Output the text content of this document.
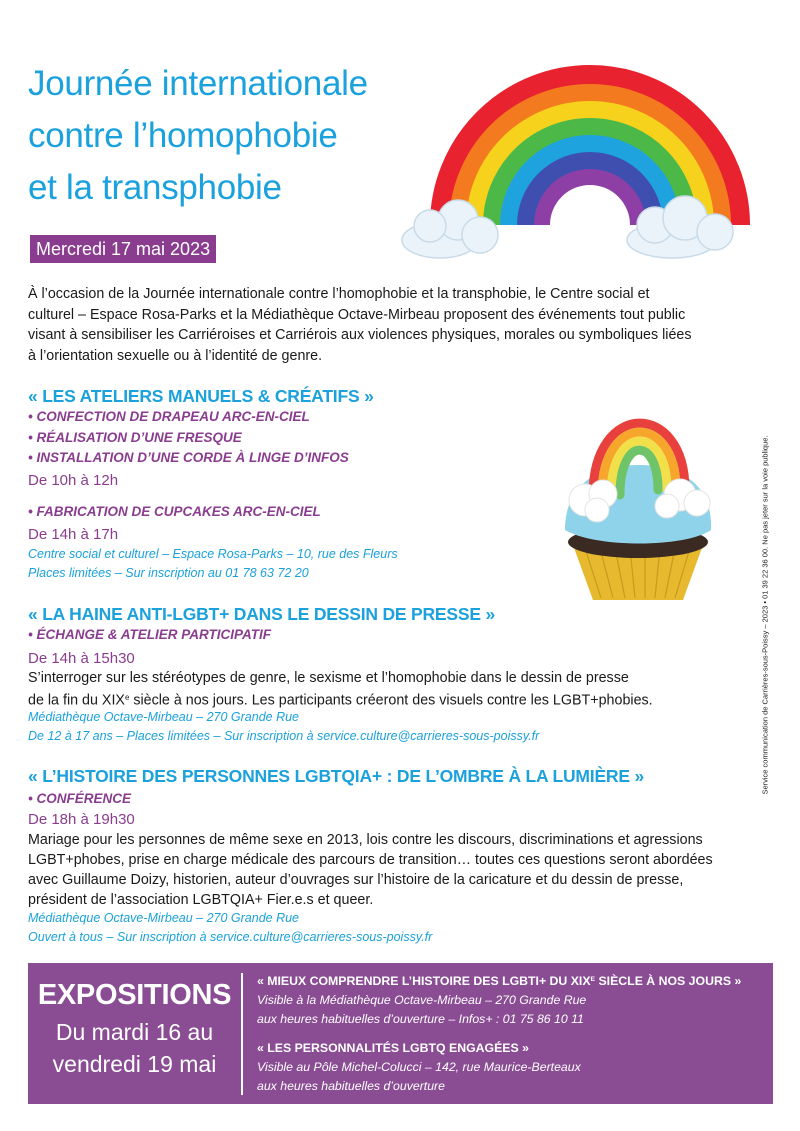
Journée internationale
contre l’homophobie
et la transphobie
Mercredi 17 mai 2023
À l’occasion de la Journée internationale contre l’homophobie et la transphobie, le Centre social et
culturel – Espace Rosa-Parks et la Médiathèque Octave-Mirbeau proposent des événements tout public
visant à sensibiliser les Carriéroises et Carriérois aux violences physiques, morales ou symboliques liées
à l’orientation sexuelle ou à l’identité de genre.
« LES ATELIERS MANUELS & CRÉATIFS »
• CONFECTION DE DRAPEAU ARC-EN-CIEL
• RÉALISATION D’UNE FRESQUE
• INSTALLATION D’UNE CORDE À LINGE D’INFOS
De 10h à 12h
• FABRICATION DE CUPCAKES ARC-EN-CIEL
De 14h à 17h
Centre social et culturel – Espace Rosa-Parks – 10, rue des Fleurs
Places limitées – Sur inscription au 01 78 63 72 20
« LA HAINE ANTI-LGBT+ DANS LE DESSIN DE PRESSE »
• ÉCHANGE & ATELIER PARTICIPATIF
De 14h à 15h30
S’interroger sur les stéréotypes de genre, le sexisme et l’homophobie dans le dessin de presse
de la fin du XIXe siècle à nos jours. Les participants créeront des visuels contre les LGBT+phobies.
Médiathèque Octave-Mirbeau – 270 Grande Rue
De 12 à 17 ans – Places limitées – Sur inscription à service.culture@carrieres-sous-poissy.fr
« L’HISTOIRE DES PERSONNES LGBTQIA+ : DE L’OMBRE À LA LUMIÈRE »
• CONFÉRENCE
De 18h à 19h30
Mariage pour les personnes de même sexe en 2013, lois contre les discours, discriminations et agressions
LGBT+phobes, prise en charge médicale des parcours de transition… toutes ces questions seront abordées
avec Guillaume Doizy, historien, auteur d’ouvrages sur l’histoire de la caricature et du dessin de presse,
président de l’association LGBTQIA+ Fier.e.s et queer.
Médiathèque Octave-Mirbeau – 270 Grande Rue
Ouvert à tous – Sur inscription à service.culture@carrieres-sous-poissy.fr
Service communication de Carrières-sous-Poissy – 2023 • 01 39 22 36 00. Ne pas jeter sur la voie publique.
EXPOSITIONS
Du mardi 16 au
vendredi 19 mai
« MIEUX COMPRENDRE L’HISTOIRE DES LGBTI+ DU $XIX^E$ SIÈCLE À NOS JOURS »
Visible à la Médiathèque Octave-Mirbeau – 270 Grande Rue
aux heures habituelles d’ouverture – Infos+ : 01 75 86 10 11
« LES PERSONNALITÉS LGBTQ ENGAGÉES »
Visible au Pôle Michel-Colucci – 142, rue Maurice-Berteaux
aux heures habituelles d’ouverture
